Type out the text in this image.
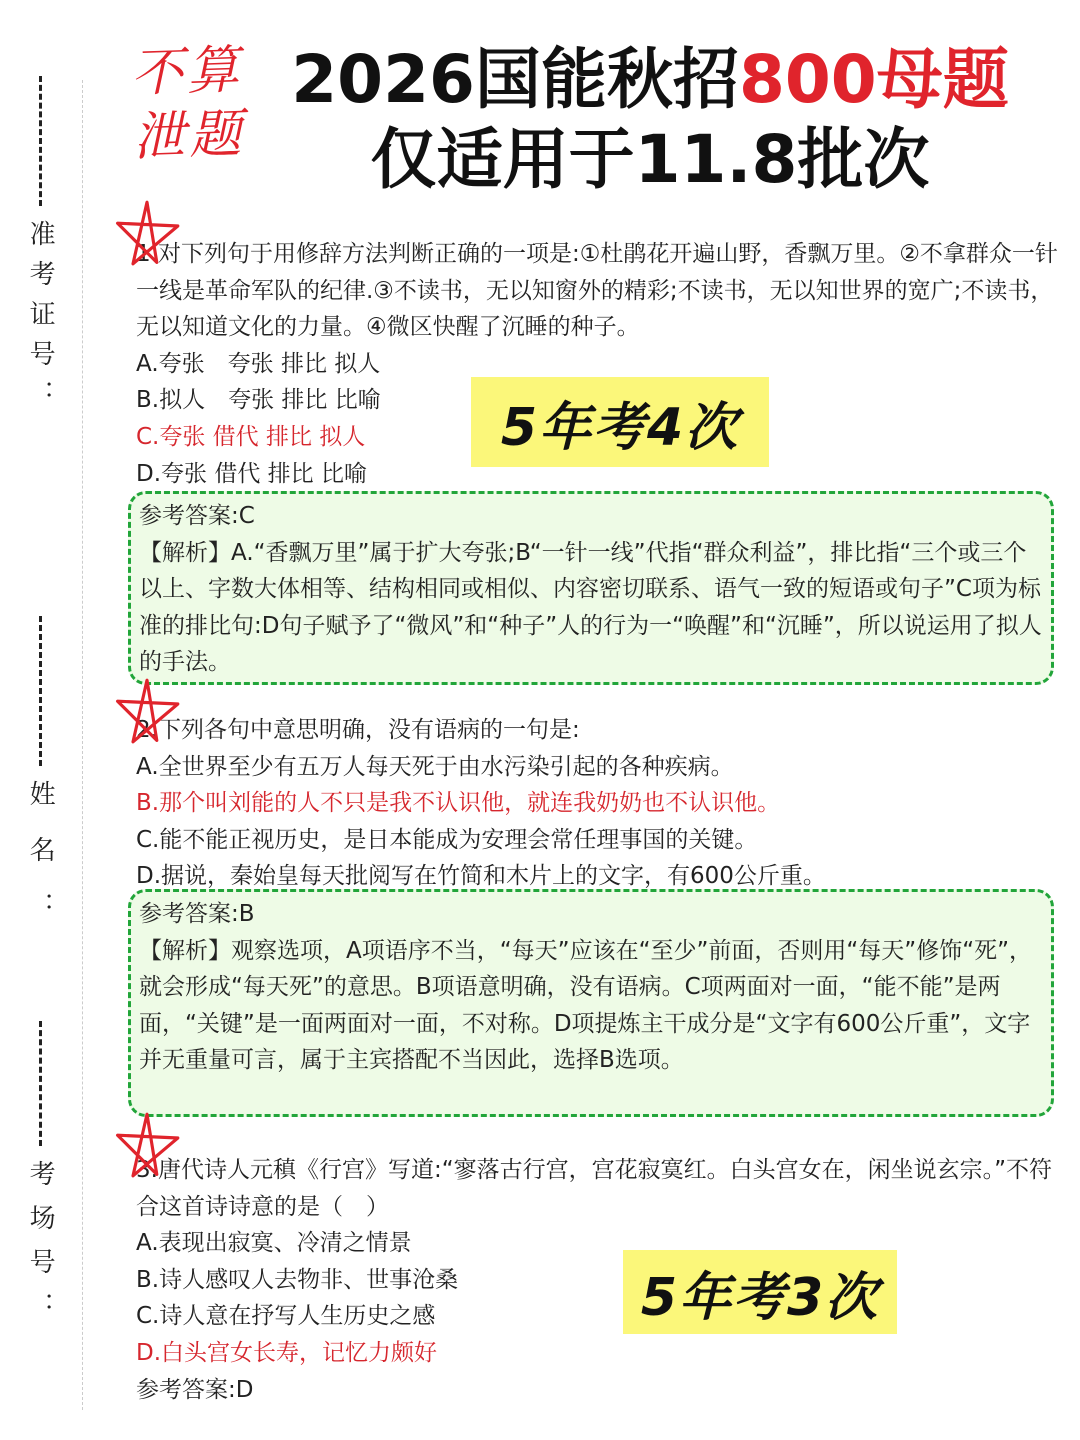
准考证号：
姓名：
考场号：
不算
泄题
2026国能秋招800母题
仅适用于11.8批次

1.对下列句于用修辞方法判断正确的一项是:①杜鹃花开遍山野，香飘万里。②不拿群众一针一线是革命军队的纪律.③不读书，无以知窗外的精彩;不读书，无以知世界的宽广;不读书，无以知道文化的力量。④微区快醒了沉睡的种子。

A.夸张　夸张 排比 拟人

B.拟人　夸张 排比 比喻

C.夸张 借代 排比 拟人

D.夸张 借代 排比 比喻

5年考4次

参考答案:C

【解析】A.“香飘万里”属于扩大夸张;B“一针一线”代指“群众利益”，排比指“三个或三个以上、字数大体相等、结构相同或相似、内容密切联系、语气一致的短语或句子”C项为标准的排比句:D句子赋予了“微风”和“种子”人的行为一“唤醒”和“沉睡”，所以说运用了拟人的手法。

2.下列各句中意思明确，没有语病的一句是:

A.全世界至少有五万人每天死于由水污染引起的各种疾病。

B.那个叫刘能的人不只是我不认识他，就连我奶奶也不认识他。

C.能不能正视历史，是日本能成为安理会常任理事国的关键。

D.据说，秦始皇每天批阅写在竹简和木片上的文字，有600公斤重。

参考答案:B

【解析】观察选项，A项语序不当，“每天”应该在“至少”前面，否则用“每天”修饰“死”，就会形成“每天死”的意思。B项语意明确，没有语病。C项两面对一面，“能不能”是两面，“关键”是一面两面对一面，不对称。D项提炼主干成分是“文字有600公斤重”，文字并无重量可言，属于主宾搭配不当因此，选择B选项。

3.唐代诗人元稹《行宫》写道:“寥落古行宫，宫花寂寞红。白头宫女在，闲坐说玄宗。”不符合这首诗诗意的是（　）

A.表现出寂寞、冷清之情景

B.诗人感叹人去物非、世事沧桑

C.诗人意在抒写人生历史之感

D.白头宫女长寿，记忆力颇好

参考答案:D

5年考3次
